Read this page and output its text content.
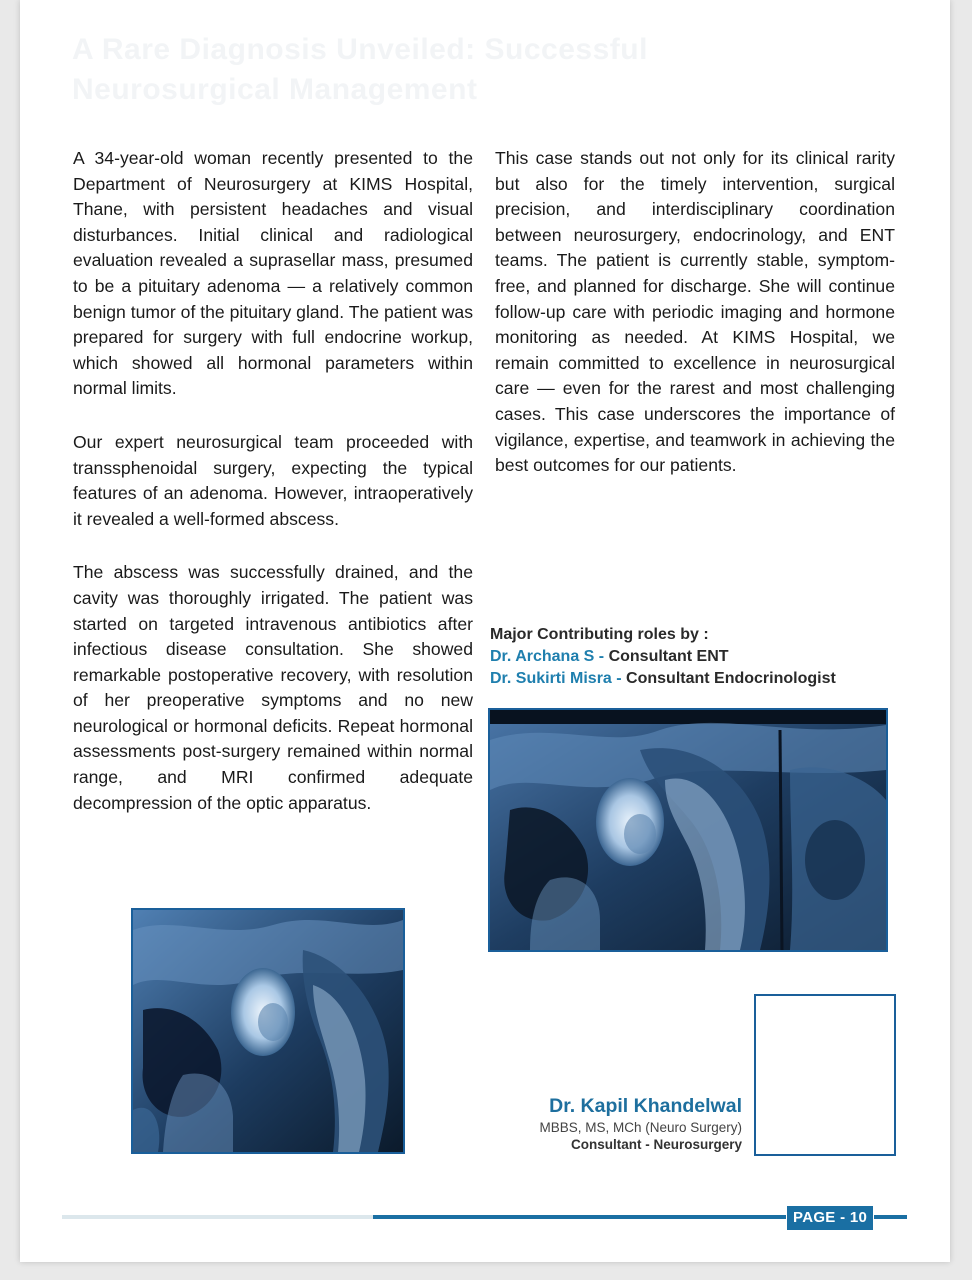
A Rare Diagnosis Unveiled: Successful Neurosurgical Management

A 34-year-old woman recently presented to the Department of Neurosurgery at KIMS Hospital, Thane, with persistent headaches and visual disturbances. Initial clinical and radiological evaluation revealed a suprasellar mass, presumed to be a pituitary adenoma — a relatively common benign tumor of the pituitary gland. The patient was prepared for surgery with full endocrine workup, which showed all hormonal parameters within normal limits.

Our expert neurosurgical team proceeded with transsphenoidal surgery, expecting the typical features of an adenoma. However, intraoperatively it revealed a well-formed abscess.

The abscess was successfully drained, and the cavity was thoroughly irrigated. The patient was started on targeted intravenous antibiotics after infectious disease consultation. She showed remarkable postoperative recovery, with resolution of her preoperative symptoms and no new neurological or hormonal deficits. Repeat hormonal assessments post-surgery remained within normal range, and MRI confirmed adequate decompression of the optic apparatus.

This case stands out not only for its clinical rarity but also for the timely intervention, surgical precision, and interdisciplinary coordination between neurosurgery, endocrinology, and ENT teams. The patient is currently stable, symptom-free, and planned for discharge. She will continue follow-up care with periodic imaging and hormone monitoring as needed. At KIMS Hospital, we remain committed to excellence in neurosurgical care — even for the rarest and most challenging cases. This case underscores the importance of vigilance, expertise, and teamwork in achieving the best outcomes for our patients.

Major Contributing roles by :
Dr. Archana S - Consultant ENT
Dr. Sukirti Misra - Consultant Endocrinologist
Dr. Kapil Khandelwal
MBBS, MS, MCh (Neuro Surgery)
Consultant - Neurosurgery
PAGE - 10
